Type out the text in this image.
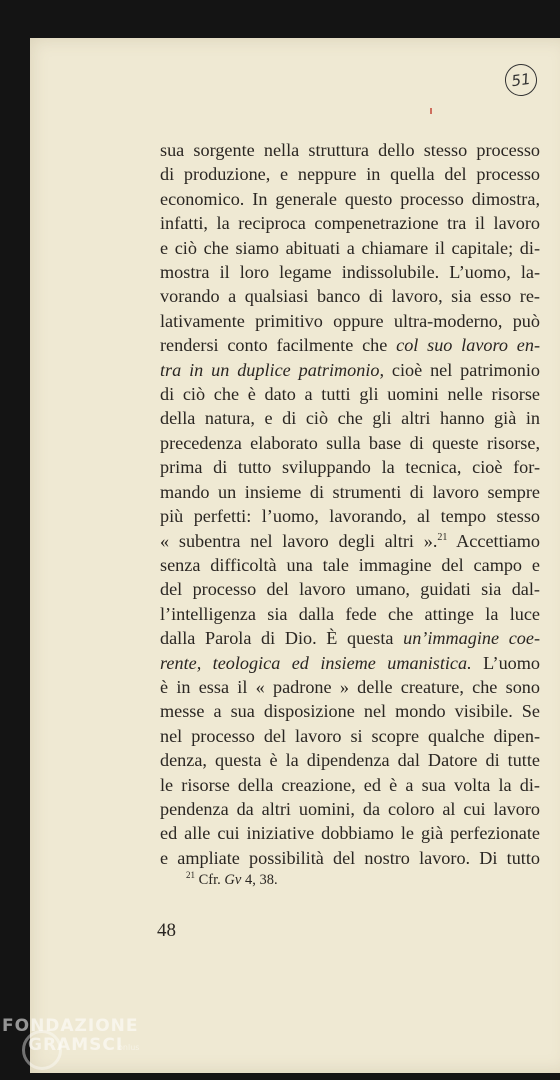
51
sua sorgente nella struttura dello stesso processo
di produzione, e neppure in quella del processo
economico. In generale questo processo dimostra,
infatti, la reciproca compenetrazione tra il lavoro
e ciò che siamo abituati a chiamare il capitale; di-
mostra il loro legame indissolubile. L’uomo, la-
vorando a qualsiasi banco di lavoro, sia esso re-
lativamente primitivo oppure ultra-moderno, può
rendersi conto facilmente che col suo lavoro en-
tra in un duplice patrimonio, cioè nel patrimonio
di ciò che è dato a tutti gli uomini nelle risorse
della natura, e di ciò che gli altri hanno già in
precedenza elaborato sulla base di queste risorse,
prima di tutto sviluppando la tecnica, cioè for-
mando un insieme di strumenti di lavoro sempre
più perfetti: l’uomo, lavorando, al tempo stesso
« subentra nel lavoro degli altri ».$^{21}$ Accettiamo
senza difficoltà una tale immagine del campo e
del processo del lavoro umano, guidati sia dal-
l’intelligenza sia dalla fede che attinge la luce
dalla Parola di Dio. È questa un’immagine coe-
rente, teologica ed insieme umanistica. L’uomo
è in essa il « padrone » delle creature, che sono
messe a sua disposizione nel mondo visibile. Se
nel processo del lavoro si scopre qualche dipen-
denza, questa è la dipendenza dal Datore di tutte
le risorse della creazione, ed è a sua volta la di-
pendenza da altri uomini, da coloro al cui lavoro
ed alle cui iniziative dobbiamo le già perfezionate
e ampliate possibilità del nostro lavoro. Di tutto
$^{21}$ Cfr. Gv 4, 38.
48
FONDAZIONE
GRAMSCI
onlus
